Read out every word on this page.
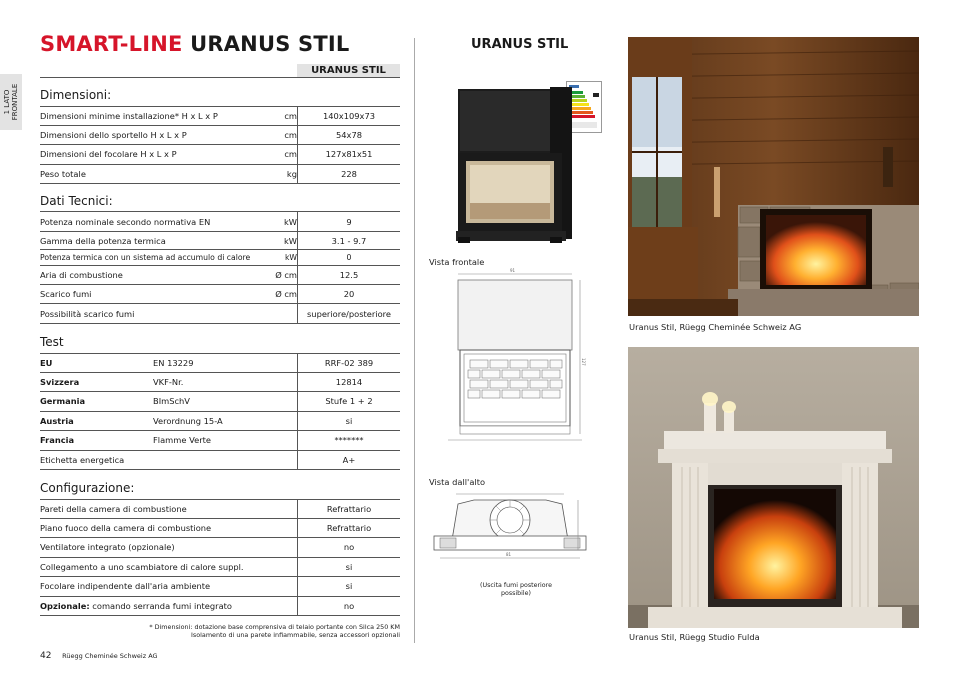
1 LATO FRONTALE
SMART-LINE URANUS STIL
URANUS STIL
Dimensioni:
Dimensioni minime installazione* H x L x P	cm	140x109x73
Dimensioni dello sportello H x L x P	cm	54x78
Dimensioni del focolare H x L x P	cm	127x81x51
Peso totale	kg	228
Dati Tecnici:
Potenza nominale secondo normativa EN	kW	9
Gamma della potenza termica	kW	3.1 - 9.7
Potenza termica con un sistema ad accumulo di calore	kW	0
Aria di combustione	Ø cm	12.5
Scarico fumi	Ø cm	20
Possibilità scarico fumi	superiore/posteriore
Test
EU	EN 13229	RRF-02 389
Svizzera	VKF-Nr.	12814
Germania	BImSchV	Stufe 1 + 2
Austria	Verordnung 15-A	si
Francia	Flamme Verte	*******
Etichetta energetica	A+
Configurazione:
Pareti della camera di combustione	Refrattario
Piano fuoco della camera di combustione	Refrattario
Ventilatore integrato (opzionale)	no
Collegamento a uno scambiatore di calore suppl.	si
Focolare indipendente dall'aria ambiente	si
Opzionale: comando serranda fumi integrato	no
* Dimensioni: dotazione base comprensiva di telaio portante con Silca 250 KM
Isolamento di una parete infiammabile, senza accessori opzionali
42 Rüegg Cheminée Schweiz AG
URANUS STIL
Vista frontale
91
127
Vista dall'alto
81
(Uscita fumi posteriore possibile)
Uranus Stil, Rüegg Cheminée Schweiz AG
Uranus Stil, Rüegg Studio Fulda
